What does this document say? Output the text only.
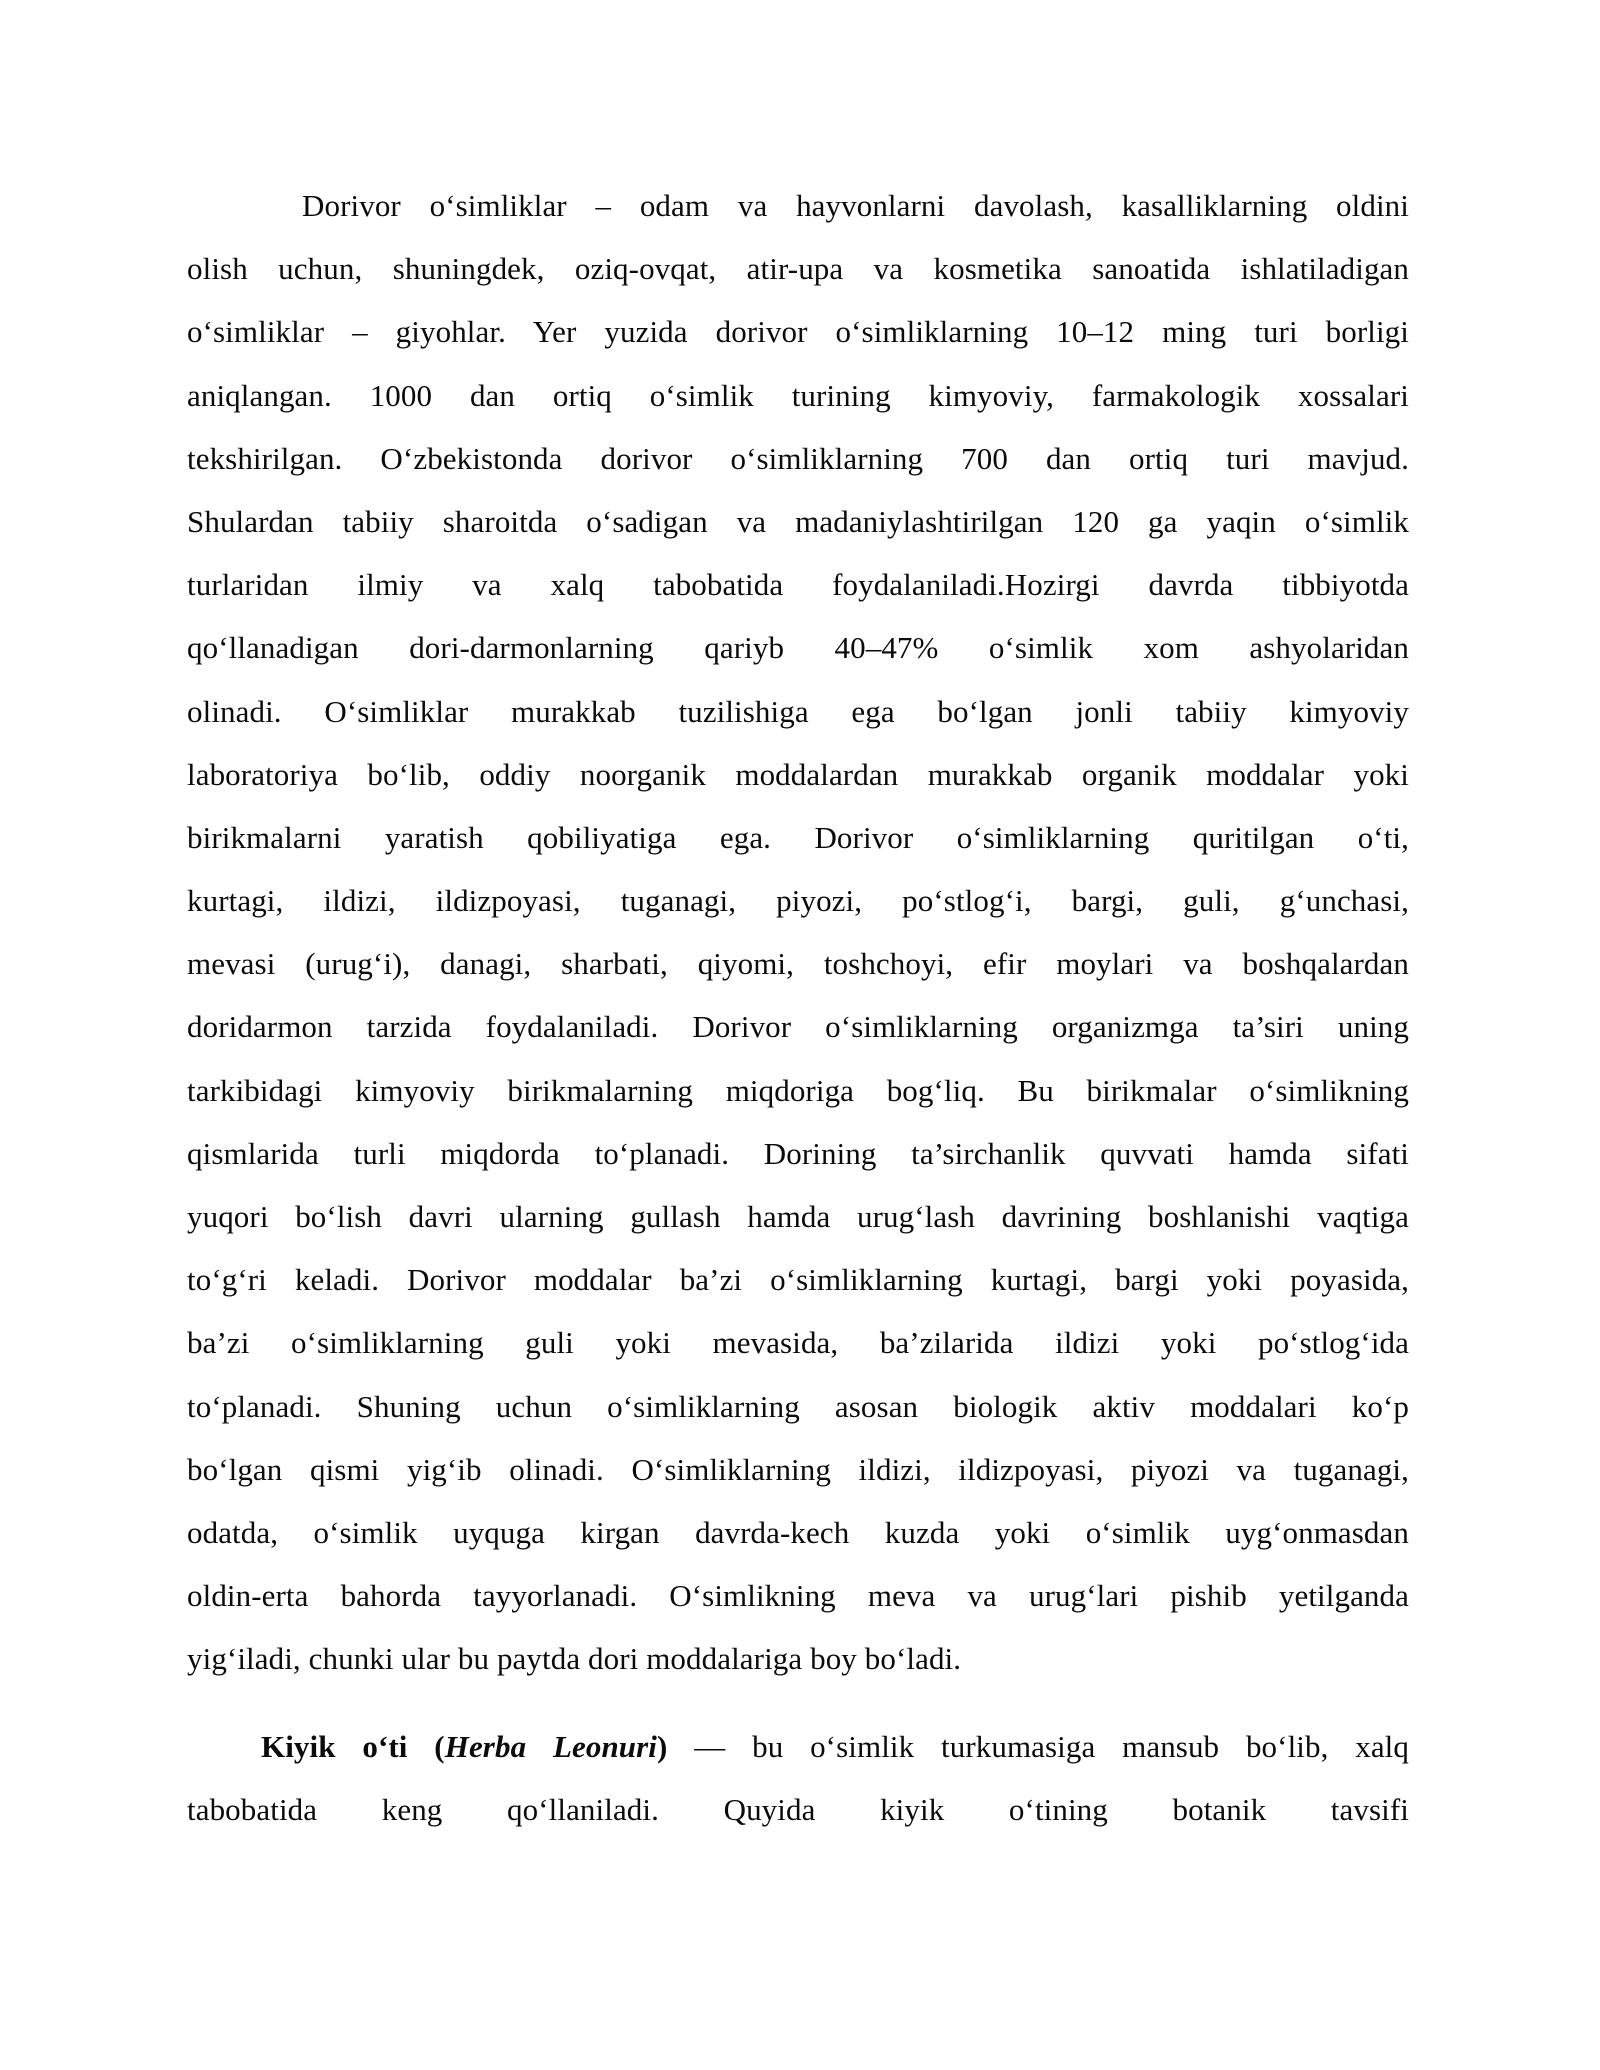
Dorivor o‘simliklar – odam va hayvonlarni davolash, kasalliklarning oldini
olish uchun, shuningdek, oziq-ovqat, atir-upa va kosmetika sanoatida ishlatiladigan
o‘simliklar – giyohlar. Yer yuzida dorivor o‘simliklarning 10–12 ming turi borligi
aniqlangan. 1000 dan ortiq o‘simlik turining kimyoviy, farmakologik xossalari
tekshirilgan. O‘zbekistonda dorivor o‘simliklarning 700 dan ortiq turi mavjud.
Shulardan tabiiy sharoitda o‘sadigan va madaniylashtirilgan 120 ga yaqin o‘simlik
turlaridan ilmiy va xalq tabobatida foydalaniladi.Hozirgi davrda tibbiyotda
qo‘llanadigan dori-darmonlarning qariyb 40–47% o‘simlik xom ashyolaridan
olinadi. O‘simliklar murakkab tuzilishiga ega bo‘lgan jonli tabiiy kimyoviy
laboratoriya bo‘lib, oddiy noorganik moddalardan murakkab organik moddalar yoki
birikmalarni yaratish qobiliyatiga ega. Dorivor o‘simliklarning quritilgan o‘ti,
kurtagi, ildizi, ildizpoyasi, tuganagi, piyozi, po‘stlog‘i, bargi, guli, g‘unchasi,
mevasi (urug‘i), danagi, sharbati, qiyomi, toshchoyi, efir moylari va boshqalardan
doridarmon tarzida foydalaniladi. Dorivor o‘simliklarning organizmga ta’siri uning
tarkibidagi kimyoviy birikmalarning miqdoriga bog‘liq. Bu birikmalar o‘simlikning
qismlarida turli miqdorda to‘planadi. Dorining ta’sirchanlik quvvati hamda sifati
yuqori bo‘lish davri ularning gullash hamda urug‘lash davrining boshlanishi vaqtiga
to‘g‘ri keladi. Dorivor moddalar ba’zi o‘simliklarning kurtagi, bargi yoki poyasida,
ba’zi o‘simliklarning guli yoki mevasida, ba’zilarida ildizi yoki po‘stlog‘ida
to‘planadi. Shuning uchun o‘simliklarning asosan biologik aktiv moddalari ko‘p
bo‘lgan qismi yig‘ib olinadi. O‘simliklarning ildizi, ildizpoyasi, piyozi va tuganagi,
odatda, o‘simlik uyquga kirgan davrda-kech kuzda yoki o‘simlik uyg‘onmasdan
oldin-erta bahorda tayyorlanadi. O‘simlikning meva va urug‘lari pishib yetilganda
yig‘iladi, chunki ular bu paytda dori moddalariga boy bo‘ladi.
Kiyik o‘ti (Herba Leonuri) — bu o‘simlik turkumasiga mansub bo‘lib, xalq
tabobatida keng qo‘llaniladi. Quyida kiyik o‘tining botanik tavsifi
